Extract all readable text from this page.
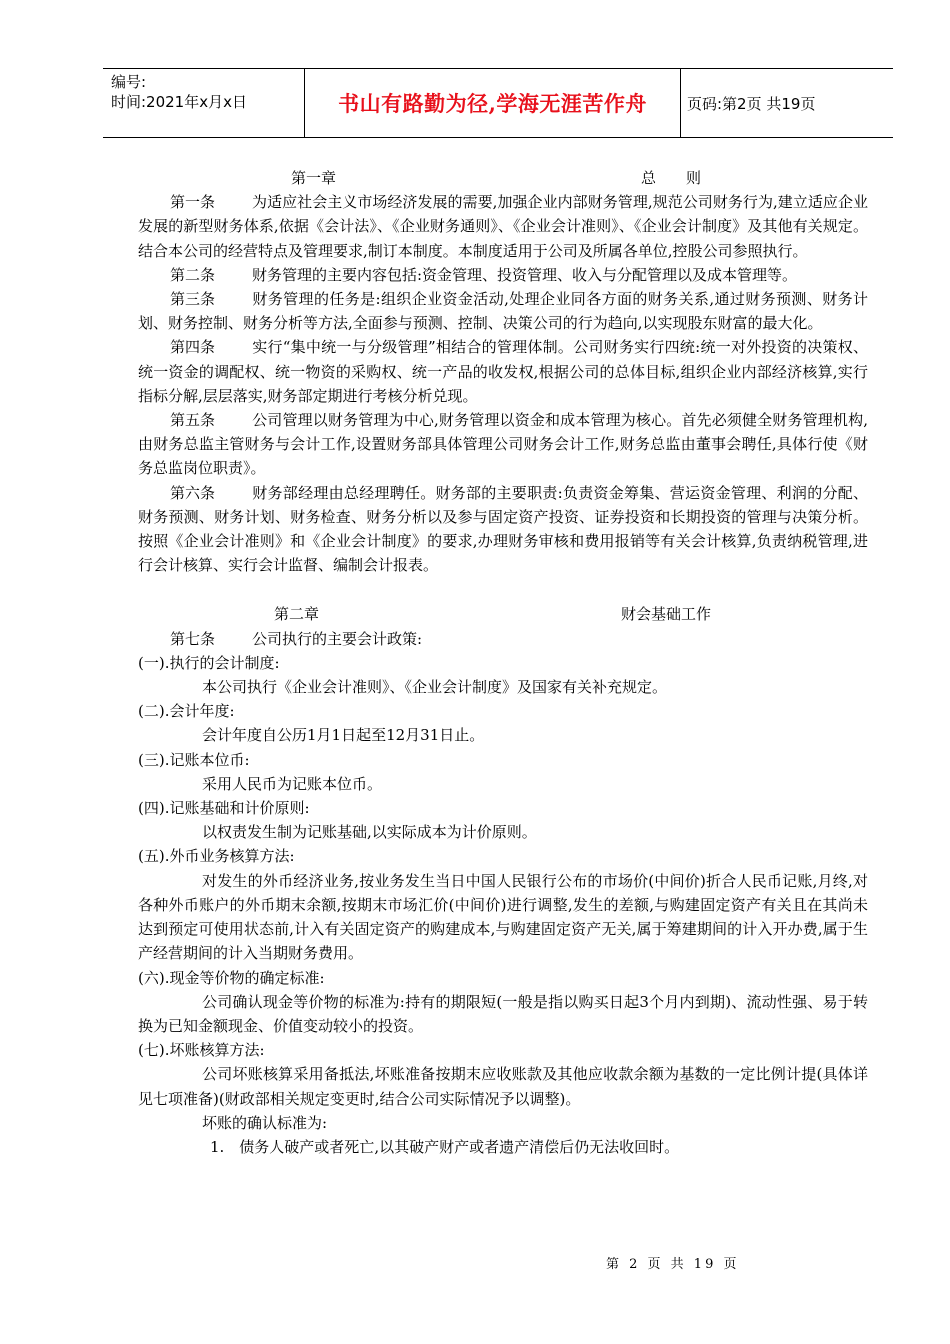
编号:
时间:2021年x月x日	书山有路勤为径,学海无涯苦作舟	页码:第2页 共19页
第一章	总　　则

第一条 为适应社会主义市场经济发展的需要,加强企业内部财务管理,规范公司财务行为,建立适应企业发展的新型财务体系,依据《会计法》、《企业财务通则》、《企业会计准则》、《企业会计制度》及其他有关规定。结合本公司的经营特点及管理要求,制订本制度。本制度适用于公司及所属各单位,控股公司参照执行。

第二条 财务管理的主要内容包括:资金管理、投资管理、收入与分配管理以及成本管理等。

第三条 财务管理的任务是:组织企业资金活动,处理企业同各方面的财务关系,通过财务预测、财务计划、财务控制、财务分析等方法,全面参与预测、控制、决策公司的行为趋向,以实现股东财富的最大化。

第四条 实行“集中统一与分级管理”相结合的管理体制。公司财务实行四统:统一对外投资的决策权、统一资金的调配权、统一物资的采购权、统一产品的收发权,根据公司的总体目标,组织企业内部经济核算,实行指标分解,层层落实,财务部定期进行考核分析兑现。

第五条 公司管理以财务管理为中心,财务管理以资金和成本管理为核心。首先必须健全财务管理机构,由财务总监主管财务与会计工作,设置财务部具体管理公司财务会计工作,财务总监由董事会聘任,具体行使《财务总监岗位职责》。

第六条 财务部经理由总经理聘任。财务部的主要职责:负责资金筹集、营运资金管理、利润的分配、财务预测、财务计划、财务检查、财务分析以及参与固定资产投资、证券投资和长期投资的管理与决策分析。按照《企业会计准则》和《企业会计制度》的要求,办理财务审核和费用报销等有关会计核算,负责纳税管理,进行会计核算、实行会计监督、编制会计报表。

第二章	财会基础工作

第七条 公司执行的主要会计政策:

(一).执行的会计制度:

本公司执行《企业会计准则》、《企业会计制度》及国家有关补充规定。

(二).会计年度:

会计年度自公历1月1日起至12月31日止。

(三).记账本位币:

采用人民币为记账本位币。

(四).记账基础和计价原则:

以权责发生制为记账基础,以实际成本为计价原则。

(五).外币业务核算方法:

对发生的外币经济业务,按业务发生当日中国人民银行公布的市场价(中间价)折合人民币记账,月终,对各种外币账户的外币期末余额,按期末市场汇价(中间价)进行调整,发生的差额,与购建固定资产有关且在其尚未达到预定可使用状态前,计入有关固定资产的购建成本,与购建固定资产无关,属于筹建期间的计入开办费,属于生产经营期间的计入当期财务费用。

(六).现金等价物的确定标准:

公司确认现金等价物的标准为:持有的期限短(一般是指以购买日起3个月内到期)、流动性强、易于转换为已知金额现金、价值变动较小的投资。

(七).坏账核算方法:

公司坏账核算采用备抵法,坏账准备按期末应收账款及其他应收款余额为基数的一定比例计提(具体详见七项准备)(财政部相关规定变更时,结合公司实际情况予以调整)。

坏账的确认标准为:

1.　债务人破产或者死亡,以其破产财产或者遗产清偿后仍无法收回时。

第 2 页 共 19 页
